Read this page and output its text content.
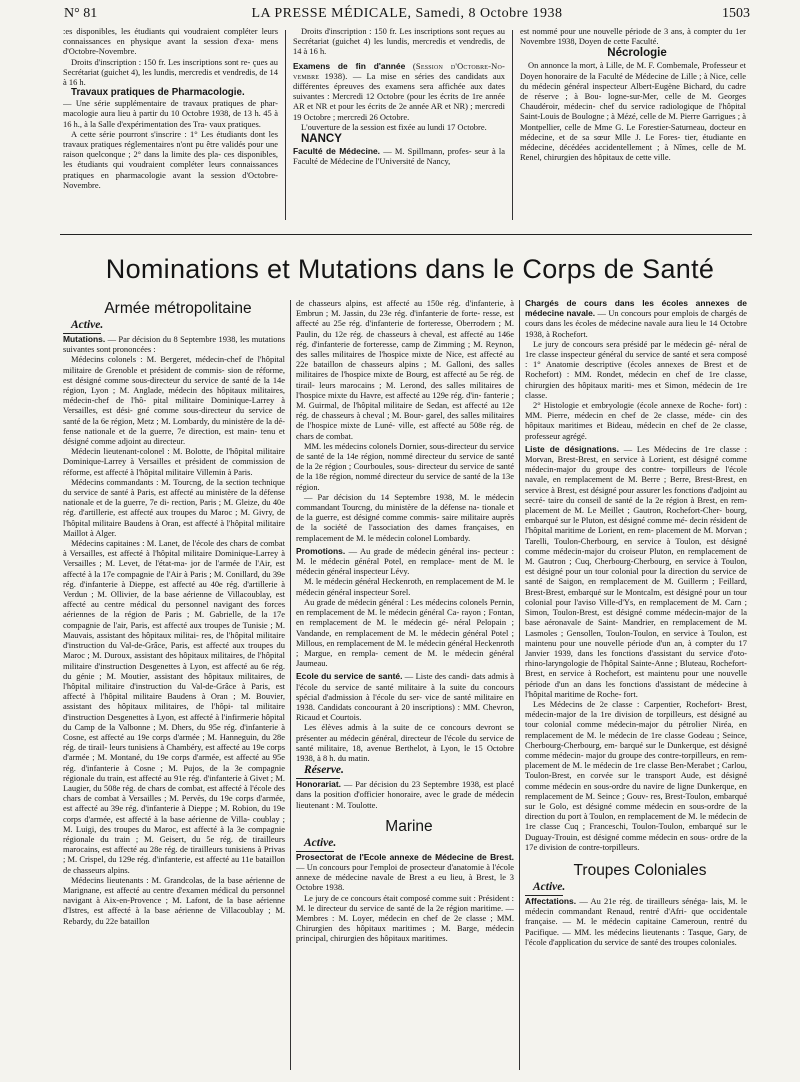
N° 81	LA PRESSE MÉDICALE, Samedi, 8 Octobre 1938	1503

:es disponibles, les étudiants qui voudraient compléter leurs connaissances en physique avant la session d'exa- mens d'Octobre-Novembre.

Droits d'inscription : 150 fr. Les inscriptions sont re- çues au Secrétariat (guichet 4), les lundis, mercredis et vendredis, de 14 à 16 h.

Travaux pratiques de Pharmacologie.

— Une série supplémentaire de travaux pratiques de phar- macologie aura lieu à partir du 10 Octobre 1938, de 13 h. 45 à 16 h., à la Salle d'expérimentation des Tra- vaux pratiques.

A cette série pourront s'inscrire : 1° Les étudiants dont les travaux pratiques réglementaires n'ont pu être validés pour une raison quelconque ; 2° dans la limite des pla- ces disponibles, les étudiants qui voudraient compléter leurs connaissances pratiques en pharmacologie avant la session d'Octobre-Novembre.

Droits d'inscription : 150 fr. Les inscriptions sont reçues au Secrétariat (guichet 4) les lundis, mercredis et vendredis, de 14 à 16 h.

Examens de fin d'année (Session d'Octobre-No- vembre 1938). — La mise en séries des candidats aux différentes épreuves des examens sera affichée aux dates suivantes : Mercredi 12 Octobre (pour les écrits de 1re année AR et NR et pour les écrits de 2e année AR et NR) ; mercredi 19 Octobre ; mercredi 26 Octobre.

L'ouverture de la session est fixée au lundi 17 Octobre.

NANCY

Faculté de Médecine. — M. Spillmann, profes- seur à la Faculté de Médecine de l'Université de Nancy,

est nommé pour une nouvelle période de 3 ans, à compter du 1er Novembre 1938, Doyen de cette Faculté.

Nécrologie

On annonce la mort, à Lille, de M. F. Combemale, Professeur et Doyen honoraire de la Faculté de Médecine de Lille ; à Nice, celle du médecin général inspecteur Albert-Eugène Bichard, du cadre de réserve ; à Bou- logne-sur-Mer, celle de M. Georges Chaudéroir, médecin- chef du service radiologique de l'hôpital Saint-Louis de Boulogne ; à Mézé, celle de M. Pierre Garrigues ; à Montpellier, celle de Mme G. Le Forestier-Saturneau, docteur en médecine, et de sa sœur Mlle J. Le Fores- tier, étudiante en médecine, décédées accidentellement ; à Nîmes, celle de M. Renel, chirurgien des hôpitaux de cette ville.

Nominations et Mutations dans le Corps de Santé

Armée métropolitaine

Active.

Mutations. — Par décision du 8 Septembre 1938, les mutations suivantes sont prononcées :

Médecins colonels : M. Bergeret, médecin-chef de l'hôpital militaire de Grenoble et président de commis- sion de réforme, est désigné comme sous-directeur du service de santé de la 14e région, Lyon ; M. Anglade, médecin des hôpitaux militaires, médecin-chef de l'hô- pital militaire Dominique-Larrey à Versailles, est dési- gné comme sous-directeur du service de santé de la 6e région, Metz ; M. Lombardy, du ministère de la dé- fense nationale et de la guerre, 7e direction, est main- tenu et désigné comme adjoint au directeur.

Médecin lieutenant-colonel : M. Bolotte, de l'hôpital militaire Dominique-Larrey à Versailles et président de commission de réforme, est affecté à l'hôpital militaire Villemin à Paris.

Médecins commandants : M. Tourcng, de la section technique du service de santé à Paris, est affecté au ministère de la défense nationale et de la guerre, 7e di- rection, Paris ; M. Gleize, du 40e rég. d'artillerie, est affecté aux troupes du Maroc ; M. Givry, de l'hôpital militaire Baudens à Oran, est affecté à l'hôpital militaire Maillot à Alger.

Médecins capitaines : M. Lanet, de l'école des chars de combat à Versailles, est affecté à l'hôpital militaire Dominique-Larrey à Versailles ; M. Levet, de l'état-ma- jor de l'armée de l'Air, est affecté à la 17e compagnie de l'Air à Paris ; M. Conillard, du 39e rég. d'infanterie à Dieppe, est affecté au 40e rég. d'artillerie à Verdun ; M. Ollivier, de la base aérienne de Villacoublay, est affecté au centre médical du personnel navigant des forces aériennes de la région de Paris ; M. Gabrielle, de la 17e compagnie de l'air, Paris, est affecté aux troupes de Tunisie ; M. Mauvais, assistant des hôpitaux militai- res, de l'hôpital militaire d'instruction du Val-de-Grâce, Paris, est affecté aux troupes du Maroc ; M. Duroux, assistant des hôpitaux militaires, de l'hôpital militaire d'instruction Desgenettes à Lyon, est affecté au 6e rég. du génie ; M. Moutier, assistant des hôpitaux militaires, de l'hôpital militaire d'instruction du Val-de-Grâce à Paris, est affecté à l'hôpital militaire Baudens à Oran ; M. Bouvier, assistant des hôpitaux militaires, de l'hôpi- tal militaire d'instruction Desgenettes à Lyon, est affecté à l'infirmerie hôpital du Camp de la Valbonne ; M. Dhers, du 95e rég. d'infanterie à Cosne, est affecté au 19e corps d'armée ; M. Hanneguin, du 28e rég. de tirail- leurs tunisiens à Chambéry, est affecté au 19e corps d'armée ; M. Montané, du 19e corps d'armée, est affecté au 95e rég. d'infanterie à Cosne ; M. Pujos, de la 3e compagnie régionale du train, est affecté au 91e rég. d'infanterie à Givet ; M. Laugier, du 508e rég. de chars de combat, est affecté à l'école des chars de combat à Versailles ; M. Pervès, du 19e corps d'armée, est affecté au 39e rég. d'infanterie à Dieppe ; M. Robion, du 19e corps d'armée, est affecté à la base aérienne de Villa- coublay ; M. Luigi, des troupes du Maroc, est affecté à la 3e compagnie régionale du train ; M. Geisert, du 5e rég. de tirailleurs marocains, est affecté au 28e rég. de tirailleurs tunisiens à Privas ; M. Crispel, du 129e rég. d'infanterie, est affecté au 11e bataillon de chasseurs alpins.

Médecins lieutenants : M. Grandcolas, de la base aérienne de Marignane, est affecté au centre d'examen médical du personnel navigant à Aix-en-Provence ; M. Lafont, de la base aérienne d'Istres, est affecté à la base aérienne de Villacoublay ; M. Rebardy, du 22e bataillon

de chasseurs alpins, est affecté au 150e rég. d'infanterie, à Embrun ; M. Jassin, du 23e rég. d'infanterie de forte- resse, est affecté au 25e rég. d'infanterie de forteresse, Oberrodern ; M. Paulin, du 12e rég. de chasseurs à cheval, est affecté au 146e rég. d'infanterie de forteresse, camp de Zimming ; M. Reynon, des salles militaires de l'hospice mixte de Nice, est affecté au 22e bataillon de chasseurs alpins ; M. Galloni, des salles militaires de l'hospice mixte de Bourg, est affecté au 5e rég. de tirail- leurs marocains ; M. Lerond, des salles militaires de l'hospice mixte du Havre, est affecté au 129e rég. d'in- fanterie ; M. Guirmal, de l'hôpital militaire de Sedan, est affecté au 12e rég. de chasseurs à cheval ; M. Bour- garel, des salles militaires de l'hospice mixte de Luné- ville, est affecté au 508e rég. de chars de combat.

MM. les médecins colonels Dornier, sous-directeur du service de santé de la 14e région, nommé directeur du service de santé de la 2e région ; Courboules, sous- directeur du service de santé de la 18e région, nommé directeur du service de santé de la 13e région.

— Par décision du 14 Septembre 1938, M. le médecin commandant Tourcng, du ministère de la défense na- tionale et de la guerre, est désigné comme commis- saire militaire auprès de la société de l'association des dames françaises, en remplacement de M. le médecin colonel Lombardy.

Promotions. — Au grade de médecin général ins- pecteur : M. le médecin général Potel, en remplace- ment de M. le médecin général inspecteur Lévy.

M. le médecin général Heckenroth, en remplacement de M. le médecin général inspecteur Sorel.

Au grade de médecin général : Les médecins colonels Pernin, en remplacement de M. le médecin général Ca- rayon ; Fontan, en remplacement de M. le médecin gé- néral Pelopain ; Vandande, en remplacement de M. le médecin général Potel ; Millous, en remplacement de M. le médecin général Heckenroth ; Margue, en rempla- cement de M. le médecin général Jaumeau.

Ecole du service de santé. — Liste des candi- dats admis à l'école du service de santé militaire à la suite du concours spécial d'admission à l'école du ser- vice de santé militaire en 1938. Candidats concourant à 20 inscriptions) : MM. Chevron, Ricaud et Courtois.

Les élèves admis à la suite de ce concours devront se présenter au médecin général, directeur de l'école du service de santé militaire, 18, avenue Berthelot, à Lyon, le 15 Octobre 1938, à 8 h. du matin.

Réserve.

Honorariat. — Par décision du 23 Septembre 1938, est placé dans la position d'officier honoraire, avec le grade de médecin lieutenant : M. Toulotte.

Marine

Active.

Prosectorat de l'Ecole annexe de Médecine de Brest. — Un concours pour l'emploi de prosecteur d'anatomie à l'école annexe de médecine navale de Brest a eu lieu, à Brest, le 3 Octobre 1938.

Le jury de ce concours était composé comme suit : Président : M. le directeur du service de santé de la 2e région maritime. — Membres : M. Loyer, médecin en chef de 2e classe ; MM. Chirurgien des hôpitaux maritimes ; M. Barge, médecin principal, chirurgien des hôpitaux maritimes.

Chargés de cours dans les écoles annexes de médecine navale. — Un concours pour emplois de chargés de cours dans les écoles de médecine navale aura lieu le 14 Octobre 1938, à Rochefort.

Le jury de concours sera présidé par le médecin gé- néral de 1re classe inspecteur général du service de santé et sera composé : 1° Anatomie descriptive (écoles annexes de Brest et de Rochefort) : MM. Rondet, médecin en chef de 1re classe, chirurgien des hôpitaux mariti- mes et Simon, médecin de 1re classe.

2° Histologie et embryologie (école annexe de Roche- fort) : MM. Pierre, médecin en chef de 2e classe, méde- cin des hôpitaux maritimes et Bideau, médecin en chef de 2e classe, professeur agrégé.

Liste de désignations. — Les Médecins de 1re classe : Morvan, Brest-Brest, en service à Lorient, est désigné comme médecin-major du groupe des contre- torpilleurs de l'école navale, en remplacement de M. Berre ; Berre, Brest-Brest, en service à Brest, est désigné pour assurer les fonctions d'adjoint au secré- taire du conseil de santé de la 2e région à Brest, en rem- placement de M. Le Meillet ; Gautron, Rochefort-Cher- bourg, embarqué sur le Pluton, est désigné comme mé- decin résident de l'hôpital maritime de Lorient, en rem- placement de M. Morvan ; Tarelli, Toulon-Cherbourg, en service à Toulon, est désigné comme médecin-major du croiseur Pluton, en remplacement de M. Gautron ; Cuq, Cherbourg-Cherbourg, en service à Toulon, est désigné pour un tour colonial pour la direction du service de santé de Saigon, en remplacement de M. Guillerm ; Feillard, Brest-Brest, embarqué sur le Montcalm, est désigné pour un tour colonial pour l'aviso Ville-d'Ys, en remplacement de M. Carn ; Simon, Toulon-Brest, est désigné comme médecin-major de la base aéronavale de Saint- Mandrier, en remplacement de M. Lasmoles ; Gensollen, Toulon-Toulon, en service à Toulon, est maintenu pour une nouvelle période d'un an, à compter du 17 Janvier 1939, dans les fonctions d'assistant du service d'oto- rhino-laryngologie de l'hôpital Sainte-Anne ; Bluteau, Rochefort-Brest, en service à Rochefort, est maintenu pour une nouvelle période d'un an dans les fonctions d'assistant de médecine à l'hôpital maritime de Roche- fort.

Les Médecins de 2e classe : Carpentier, Rochefort- Brest, médecin-major de la 1re division de torpilleurs, est désigné au tour colonial comme médecin-major du pétrolier Niréa, en remplacement de M. le médecin de 1re classe Godeau ; Seince, Cherbourg-Cherbourg, em- barqué sur le Dunkerque, est désigné comme médecin- major du groupe des contre-torpilleurs, en rem- placement de M. le médecin de 1re classe Ben-Merabet ; Carlou, Toulon-Brest, en corvée sur le transport Aude, est désigné comme médecin en sous-ordre du navire de ligne Dunkerque, en remplacement de M. Seince ; Gouv- res, Brest-Toulon, embarqué sur le Golo, est désigné comme médecin en sous-ordre de la direction du port à Toulon, en remplacement de M. le médecin de 1re classe Cuq ; Franceschi, Toulon-Toulon, embarqué sur le Duguay-Trouin, est désigné comme médecin en sous- ordre de la 17e division de contre-torpilleurs.

Troupes Coloniales

Active.

Affectations. — Au 21e rég. de tirailleurs sénéga- lais, M. le médecin commandant Renaud, rentré d'Afri- que occidentale française. — M. le médecin capitaine Cameroun, rentré du Pacifique. — MM. les médecins lieutenants : Tasque, Gary, de l'école d'application du service de santé des troupes coloniales.
